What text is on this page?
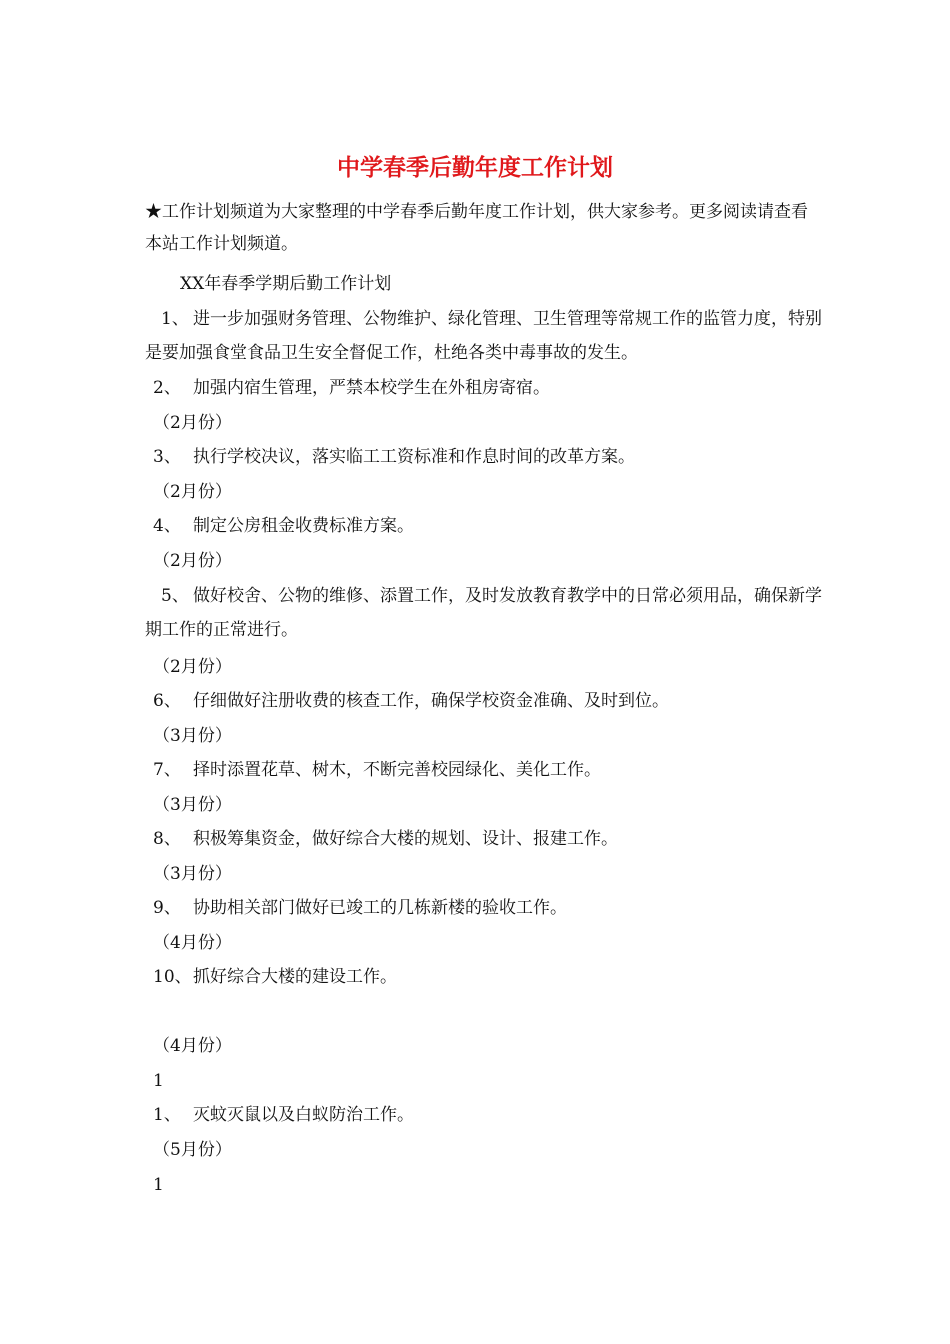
中学春季后勤年度工作计划

★工作计划频道为大家整理的中学春季后勤年度工作计划，供大家参考。更多阅读请查看本站工作计划频道。

XX年春季学期后勤工作计划

1、 进一步加强财务管理、公物维护、绿化管理、卫生管理等常规工作的监管力度，特别是要加强食堂食品卫生安全督促工作，杜绝各类中毒事故的发生。

2、 加强内宿生管理，严禁本校学生在外租房寄宿。

（2月份）

3、 执行学校决议，落实临工工资标准和作息时间的改革方案。

（2月份）

4、 制定公房租金收费标准方案。

（2月份）

5、 做好校舍、公物的维修、添置工作，及时发放教育教学中的日常必须用品，确保新学期工作的正常进行。

（2月份）

6、 仔细做好注册收费的核查工作，确保学校资金准确、及时到位。

（3月份）

7、 择时添置花草、树木，不断完善校园绿化、美化工作。

（3月份）

8、 积极筹集资金，做好综合大楼的规划、设计、报建工作。

（3月份）

9、 协助相关部门做好已竣工的几栋新楼的验收工作。

（4月份）

10、抓好综合大楼的建设工作。

（4月份）

1

1、 灭蚊灭鼠以及白蚁防治工作。

（5月份）

1
